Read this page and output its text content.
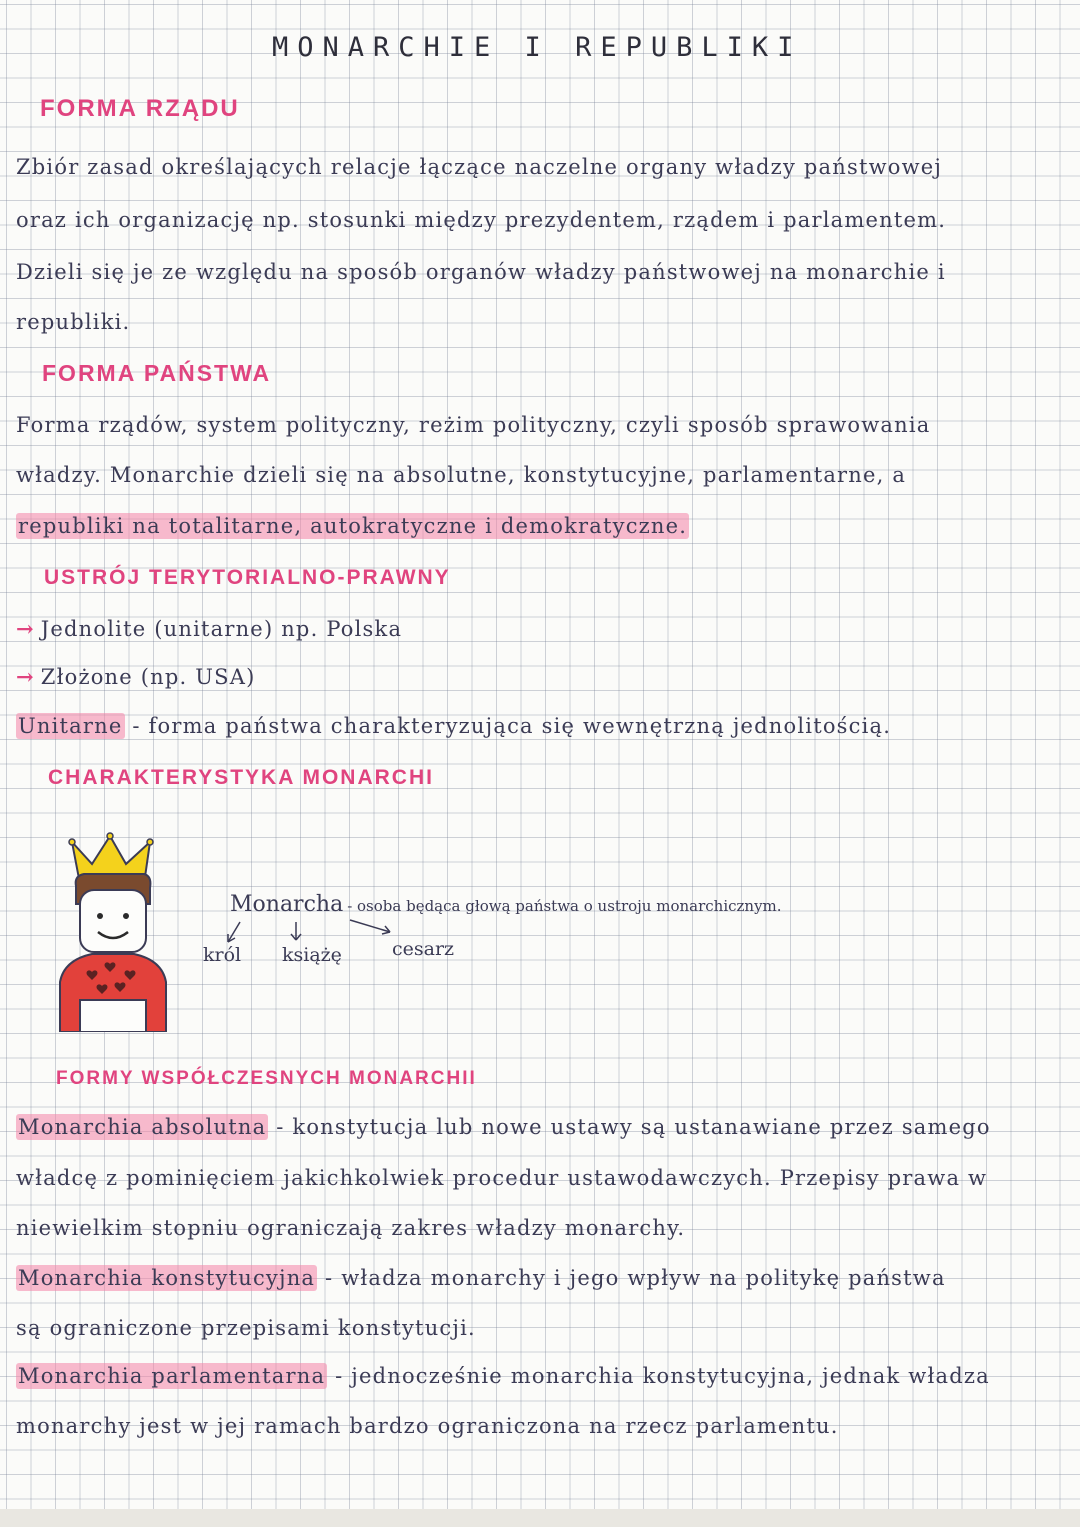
MONARCHIE I REPUBLIKI
FORMA RZĄDU
Zbiór zasad określających relacje łączące naczelne organy władzy państwowej
oraz ich organizację np. stosunki między prezydentem, rządem i parlamentem.
Dzieli się je ze względu na sposób organów władzy państwowej na monarchie i
republiki.
FORMA PAŃSTWA
Forma rządów, system polityczny, reżim polityczny, czyli sposób sprawowania
władzy. Monarchie dzieli się na absolutne, konstytucyjne, parlamentarne, a
republiki na totalitarne, autokratyczne i demokratyczne.
USTRÓJ TERYTORIALNO-PRAWNY
→ Jednolite (unitarne) np. Polska
→ Złożone (np. USA)
Unitarne - forma państwa charakteryzująca się wewnętrzną jednolitością.
CHARAKTERYSTYKA MONARCHI
Monarcha - osoba będąca głową państwa o ustroju monarchicznym.
król książę	cesarz
FORMY WSPÓŁCZESNYCH MONARCHII
Monarchia absolutna - konstytucja lub nowe ustawy są ustanawiane przez samego
władcę z pominięciem jakichkolwiek procedur ustawodawczych. Przepisy prawa w
niewielkim stopniu ograniczają zakres władzy monarchy.
Monarchia konstytucyjna - władza monarchy i jego wpływ na politykę państwa
są ograniczone przepisami konstytucji.
Monarchia parlamentarna - jednocześnie monarchia konstytucyjna, jednak władza
monarchy jest w jej ramach bardzo ograniczona na rzecz parlamentu.
